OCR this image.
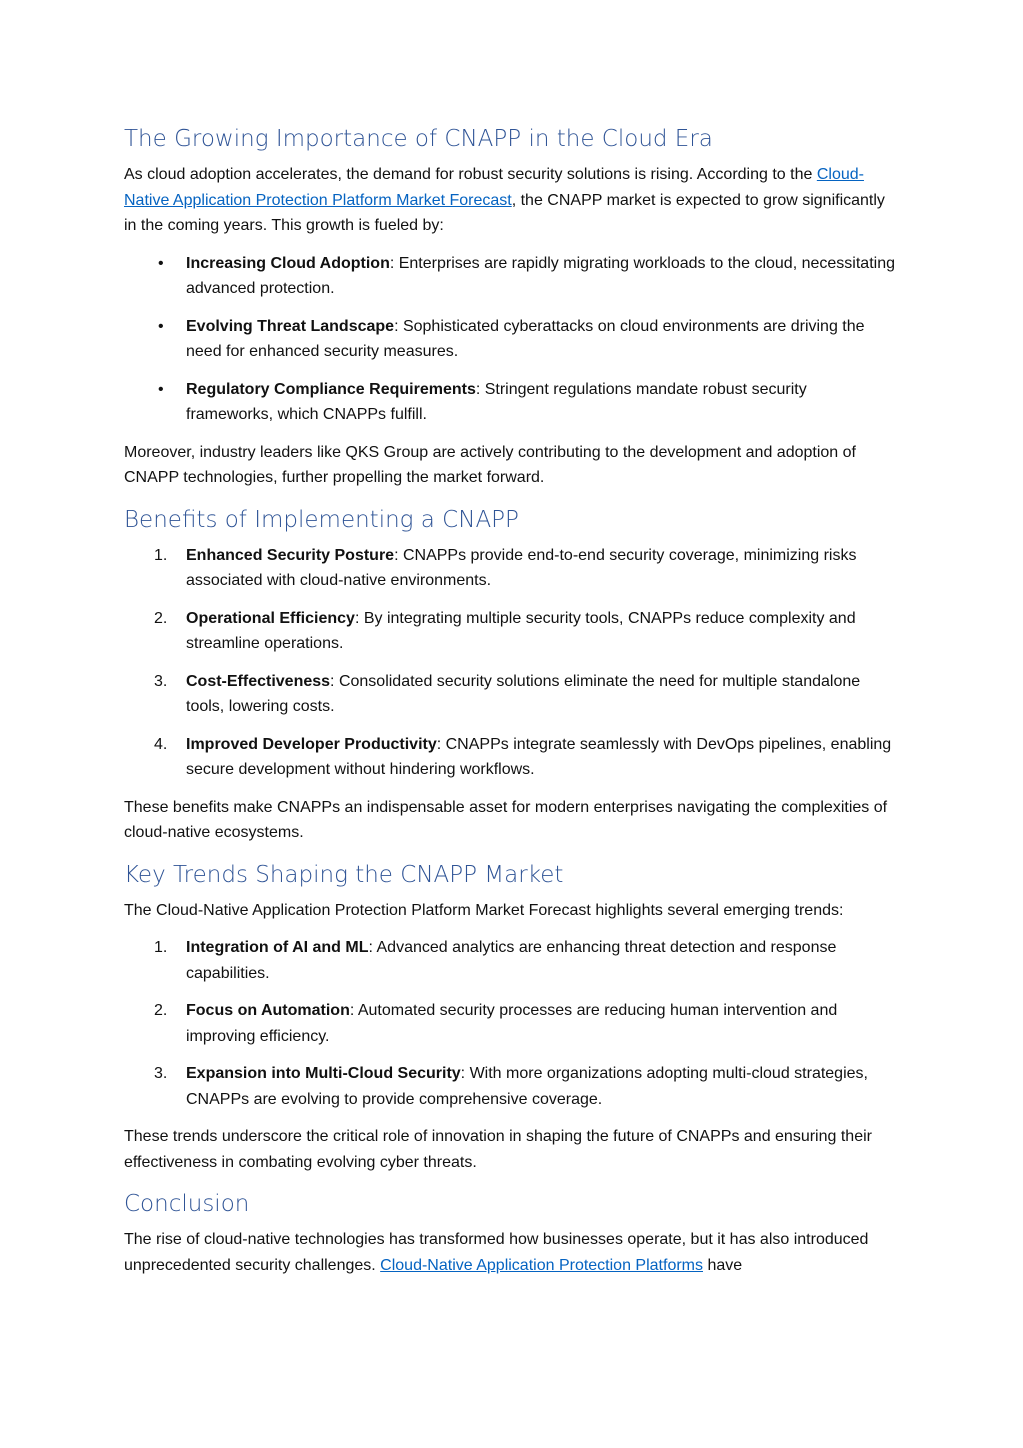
The Growing Importance of CNAPP in the Cloud Era

As cloud adoption accelerates, the demand for robust security solutions is rising. According to the Cloud-Native Application Protection Platform Market Forecast, the CNAPP market is expected to grow significantly in the coming years. This growth is fueled by:

• Increasing Cloud Adoption: Enterprises are rapidly migrating workloads to the cloud, necessitating advanced protection.
• Evolving Threat Landscape: Sophisticated cyberattacks on cloud environments are driving the need for enhanced security measures.
• Regulatory Compliance Requirements: Stringent regulations mandate robust security frameworks, which CNAPPs fulfill.

Moreover, industry leaders like QKS Group are actively contributing to the development and adoption of CNAPP technologies, further propelling the market forward.

Benefits of Implementing a CNAPP
1. Enhanced Security Posture: CNAPPs provide end-to-end security coverage, minimizing risks associated with cloud-native environments.
2. Operational Efficiency: By integrating multiple security tools, CNAPPs reduce complexity and streamline operations.
3. Cost-Effectiveness: Consolidated security solutions eliminate the need for multiple standalone tools, lowering costs.
4. Improved Developer Productivity: CNAPPs integrate seamlessly with DevOps pipelines, enabling secure development without hindering workflows.

These benefits make CNAPPs an indispensable asset for modern enterprises navigating the complexities of cloud-native ecosystems.

Key Trends Shaping the CNAPP Market

The Cloud-Native Application Protection Platform Market Forecast highlights several emerging trends:

1. Integration of AI and ML: Advanced analytics are enhancing threat detection and response capabilities.
2. Focus on Automation: Automated security processes are reducing human intervention and improving efficiency.
3. Expansion into Multi-Cloud Security: With more organizations adopting multi-cloud strategies, CNAPPs are evolving to provide comprehensive coverage.

These trends underscore the critical role of innovation in shaping the future of CNAPPs and ensuring their effectiveness in combating evolving cyber threats.

Conclusion

The rise of cloud-native technologies has transformed how businesses operate, but it has also introduced unprecedented security challenges. Cloud-Native Application Protection Platforms have
